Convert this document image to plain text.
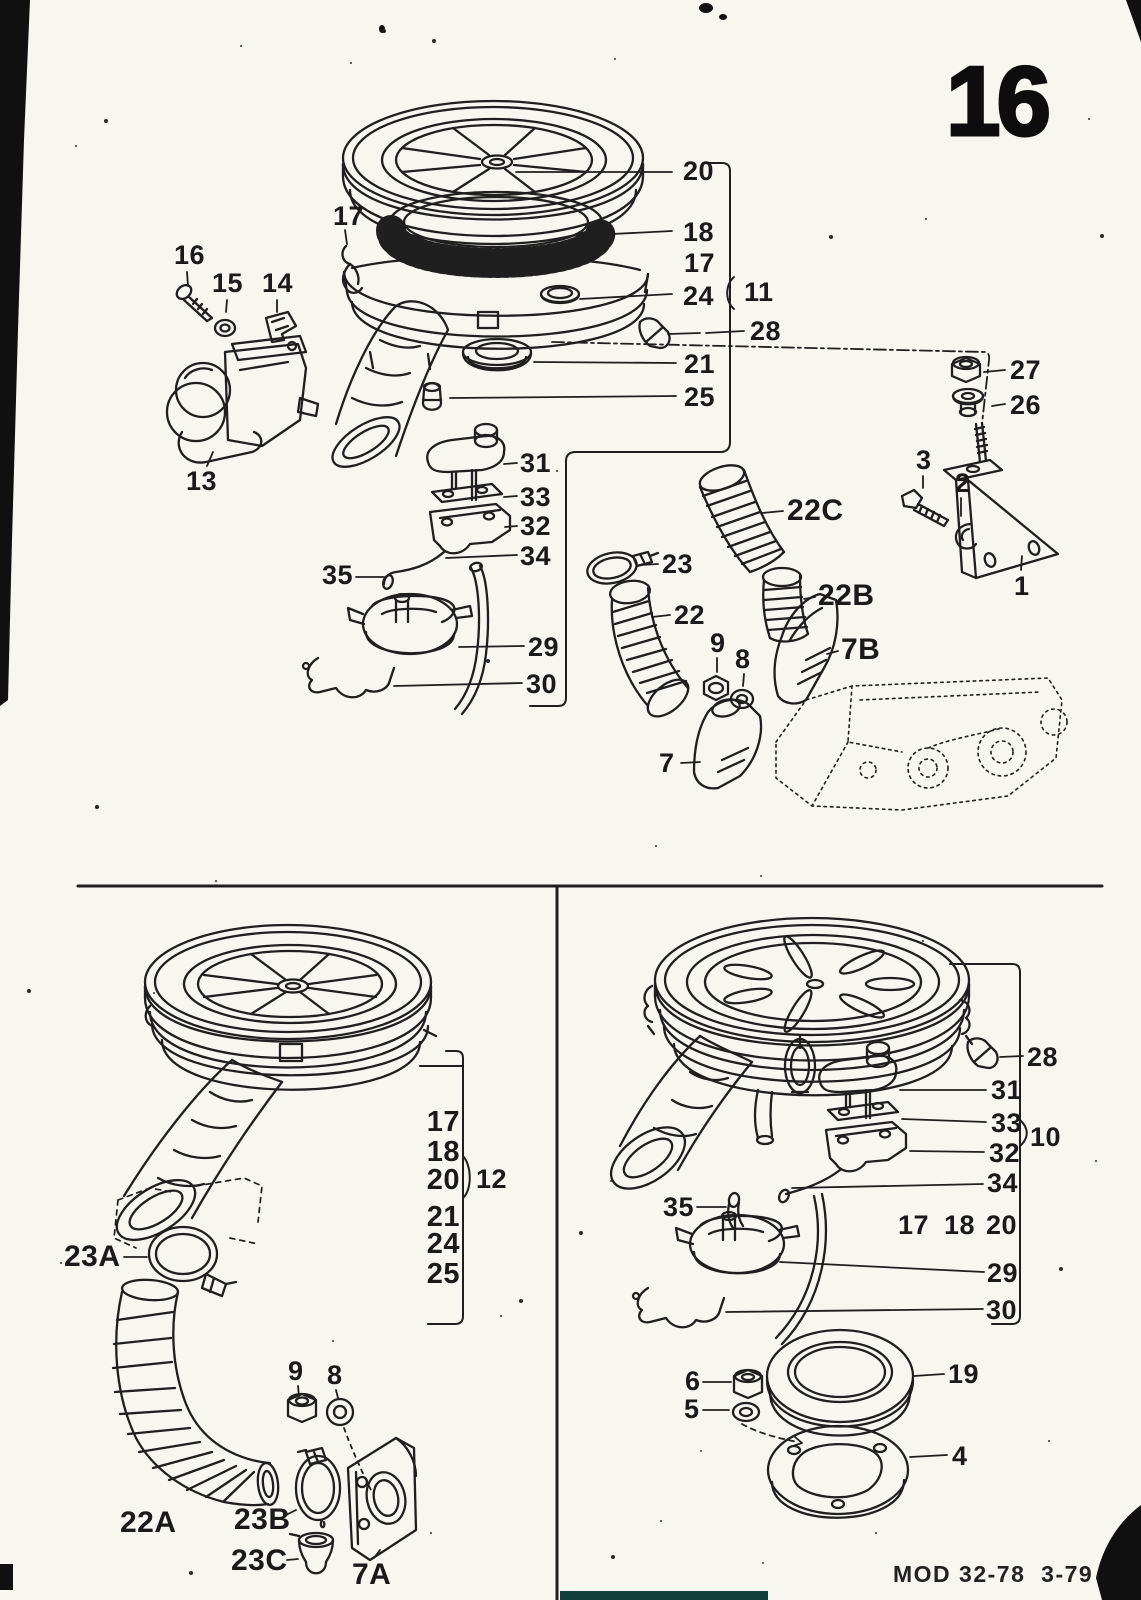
16
MOD 32-78  3-79
20
18
17
24 11
28
21
25
16
15 14
17
13
31
33
32
34
35
29
30
23
22
22C
22B
7B
9
8
7
27
26
3
2
1
17
18
20
21
24
25
12
23A
9 8
22A 23B
23C 7A
28
31
33
32
34
10
35
17 18 20
29
30
6
5
19
4
